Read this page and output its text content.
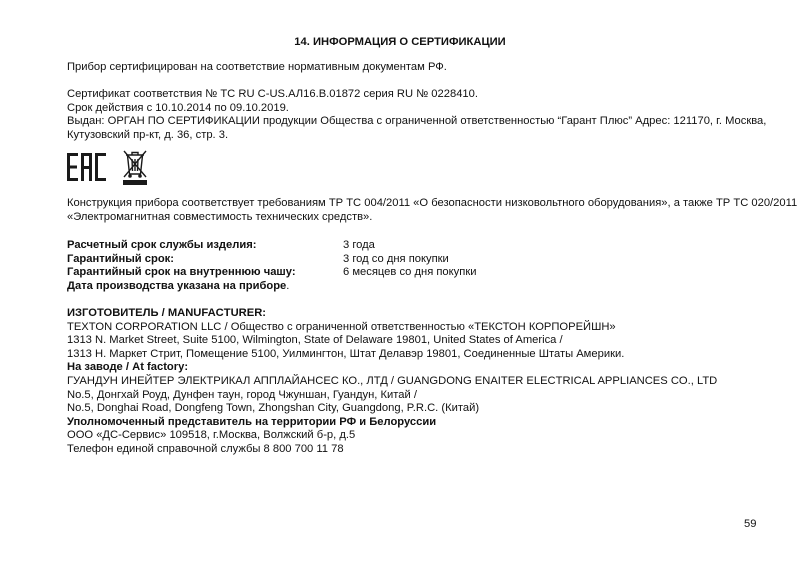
14. ИНФОРМАЦИЯ О СЕРТИФИКАЦИИ
Прибор сертифицирован на соответствие нормативным документам РФ.
Сертификат соответствия № ТС RU С-US.АЛ16.В.01872 серия RU № 0228410.
Срок действия с 10.10.2014 по 09.10.2019.
Выдан: ОРГАН ПО СЕРТИФИКАЦИИ продукции Общества с ограниченной ответственностью “Гарант Плюс” Адрес: 121170, г. Москва,
Кутузовский пр-кт, д. 36, стр. 3.
Конструкция прибора соответствует требованиям ТР ТС 004/2011 «О безопасности низковольтного оборудования», а также ТР ТС 020/2011
«Электромагнитная совместимость технических средств».
Расчетный срок службы изделия:	3 года
Гарантийный срок:	3 год со дня покупки
Гарантийный срок на внутреннюю чашу:	6 месяцев со дня покупки
Дата производства указана на приборе.
ИЗГОТОВИТЕЛЬ / MANUFACTURER:
TEXTON CORPORATION LLC / Общество с ограниченной ответственностью «ТЕКСТОН КОРПОРЕЙШН»
1313 N. Market Street, Suite 5100, Wilmington, State of Delaware 19801, United States of America /
1313 Н. Маркет Стрит, Помещение 5100, Уилмингтон, Штат Делавэр 19801, Соединенные Штаты Америки.
На заводе / At factory:
ГУАНДУН ИНЕЙТЕР ЭЛЕКТРИКАЛ АППЛАЙАНСЕС КО., ЛТД / GUANGDONG ENAITER ELECTRICAL APPLIANCES CO., LTD
No.5, Донгхай Роуд, Дунфен таун, город Чжуншан, Гуандун, Китай /
No.5, Donghai Road, Dongfeng Town, Zhongshan City, Guangdong, P.R.C. (Китай)
Уполномоченный представитель на территории РФ и Белоруссии
ООО «ДС-Сервис» 109518, г.Москва, Волжский б-р, д.5
Телефон единой справочной службы 8 800 700 11 78
59
